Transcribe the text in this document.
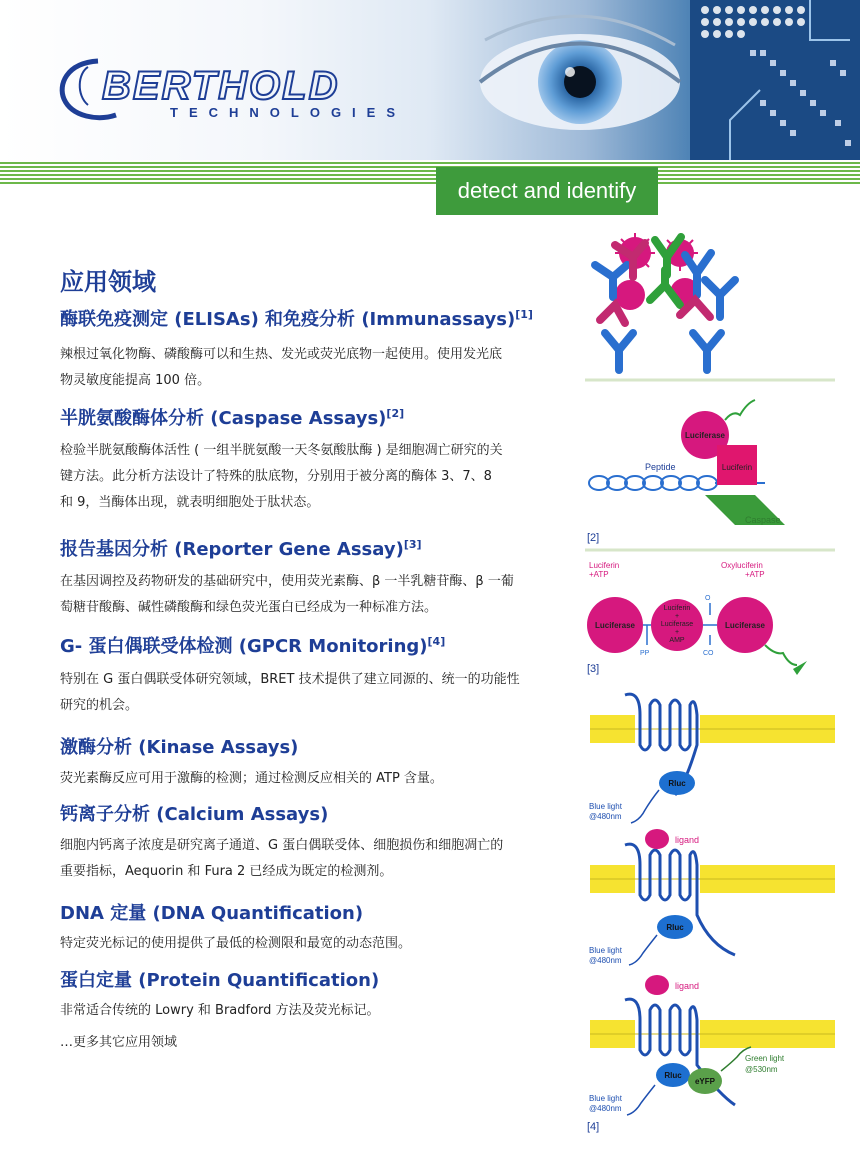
BERTHOLD
TECHNOLOGIES
detect and identify
应用领域
酶联免疫测定 (ELISAs) 和免疫分析 (Immunassays)[1]
辣根过氧化物酶、磷酸酶可以和生热、发光或荧光底物一起使用。使用发光底
物灵敏度能提高 100 倍。
半胱氨酸酶体分析 (Caspase Assays)[2]
检验半胱氨酸酶体活性 ( 一组半胱氨酸一天冬氨酸肽酶 ) 是细胞凋亡研究的关
键方法。此分析方法设计了特殊的肽底物，分别用于被分离的酶体 3、7、8
和 9，当酶体出现，就表明细胞处于肽状态。
报告基因分析 (Reporter Gene Assay)[3]
在基因调控及药物研发的基础研究中，使用荧光素酶、β 一半乳糖苷酶、β 一葡
萄糖苷酸酶、碱性磷酸酶和绿色荧光蛋白已经成为一种标准方法。
G- 蛋白偶联受体检测 (GPCR Monitoring)[4]
特别在 G 蛋白偶联受体研究领域，BRET 技术提供了建立同源的、统一的功能性
研究的机会。
激酶分析 (Kinase Assays)
荧光素酶反应可用于激酶的检测；通过检测反应相关的 ATP 含量。
钙离子分析 (Calcium Assays)
细胞内钙离子浓度是研究离子通道、G 蛋白偶联受体、细胞损伤和细胞凋亡的
重要指标，Aequorin 和 Fura 2 已经成为既定的检测剂。
DNA 定量 (DNA Quantification)
特定荧光标记的使用提供了最低的检测限和最宽的动态范围。
蛋白定量 (Protein Quantification)
非常适合传统的 Lowry 和 Bradford 方法及荧光标记。
…更多其它应用领域
Peptide
Luciferase
Luciferin
Caspase
[2]
Luciferin
+ATP
Oxyluciferin
+ATP
Luciferase
Luciferin
+
Luciferase
+
AMP
Luciferase
PP
O
CO
[3]
Rluc
Blue light
@480nm
ligand
Rluc
Blue light
@480nm
ligand
Rluc
eYFP
Green light
@530nm
Blue light
@480nm
[4]
